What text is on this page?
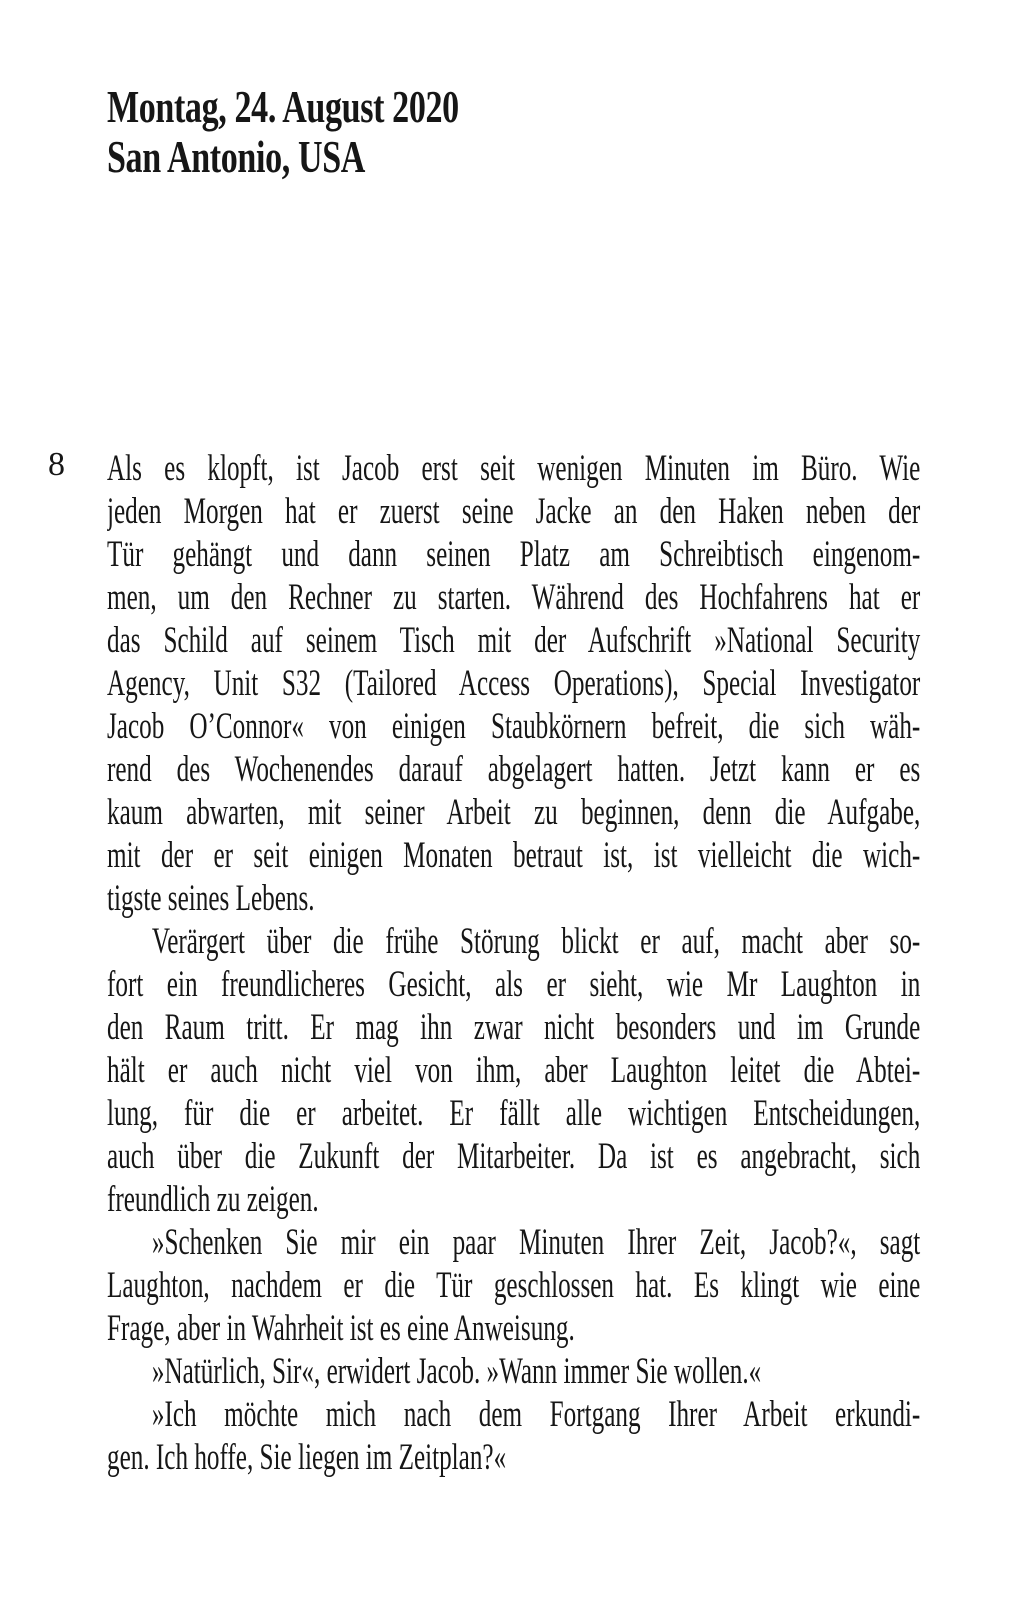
Montag, 24. August 2020
San Antonio, USA
8 Als es klopft, ist Jacob erst seit wenigen Minuten im Büro. Wie
jeden Morgen hat er zuerst seine Jacke an den Haken neben der
Tür gehängt und dann seinen Platz am Schreibtisch eingenom-
men, um den Rechner zu starten. Während des Hochfahrens hat er
das Schild auf seinem Tisch mit der Aufschrift »National Security
Agency, Unit S32 (Tailored Access Operations), Special Investigator
Jacob O’Connor« von einigen Staubkörnern befreit, die sich wäh-
rend des Wochenendes darauf abgelagert hatten. Jetzt kann er es
kaum abwarten, mit seiner Arbeit zu beginnen, denn die Aufgabe,
mit der er seit einigen Monaten betraut ist, ist vielleicht die wich-
tigste seines Lebens.
Verärgert über die frühe Störung blickt er auf, macht aber so-
fort ein freundlicheres Gesicht, als er sieht, wie Mr Laughton in
den Raum tritt. Er mag ihn zwar nicht besonders und im Grunde
hält er auch nicht viel von ihm, aber Laughton leitet die Abtei-
lung, für die er arbeitet. Er fällt alle wichtigen Entscheidungen,
auch über die Zukunft der Mitarbeiter. Da ist es angebracht, sich
freundlich zu zeigen.
»Schenken Sie mir ein paar Minuten Ihrer Zeit, Jacob?«, sagt
Laughton, nachdem er die Tür geschlossen hat. Es klingt wie eine
Frage, aber in Wahrheit ist es eine Anweisung.
»Natürlich, Sir«, erwidert Jacob. »Wann immer Sie wollen.«
»Ich möchte mich nach dem Fortgang Ihrer Arbeit erkundi-
gen. Ich hoffe, Sie liegen im Zeitplan?«
